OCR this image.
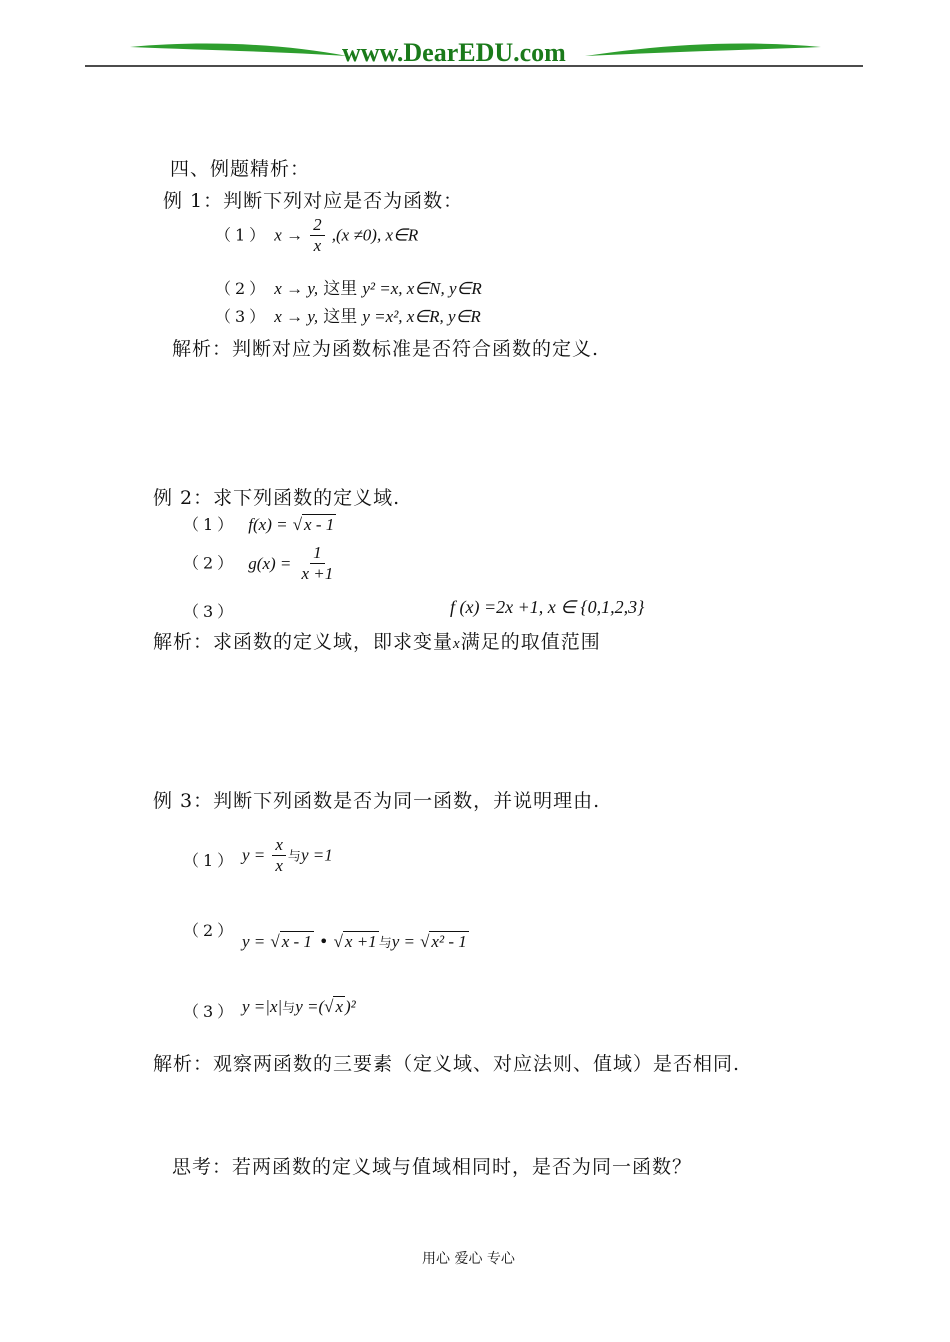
www.DearEDU.com
四、例题精析：
例 1：判断下列对应是否为函数：
（1） $x \to \frac{2}{x} ,(x \ne 0)$, x∈R
（2） x → y, 这里 y² =x, x∈N, y∈R
（3） x → y, 这里 y =x², x∈R, y∈R
解析：判断对应为函数标准是否符合函数的定义.
例 2：求下列函数的定义域.
（1） f(x) = √ x - 1
（2） $g(x) = \frac{1}{x +1}$
（3）	f (x) =2x +1, x ∈ {0,1,2,3}
解析：求函数的定义域，即求变量x满足的取值范围
例 3：判断下列函数是否为同一函数，并说明理由.
（1） $y = \frac{x}{x}$ 与y =1
（2）
y = √ x - 1 • √ x +1 与y = √ x² - 1
（3） y =|x|与y =(√ x )²
解析：观察两函数的三要素（定义域、对应法则、值域）是否相同.
思考：若两函数的定义域与值域相同时，是否为同一函数？
用心 爱心 专心
